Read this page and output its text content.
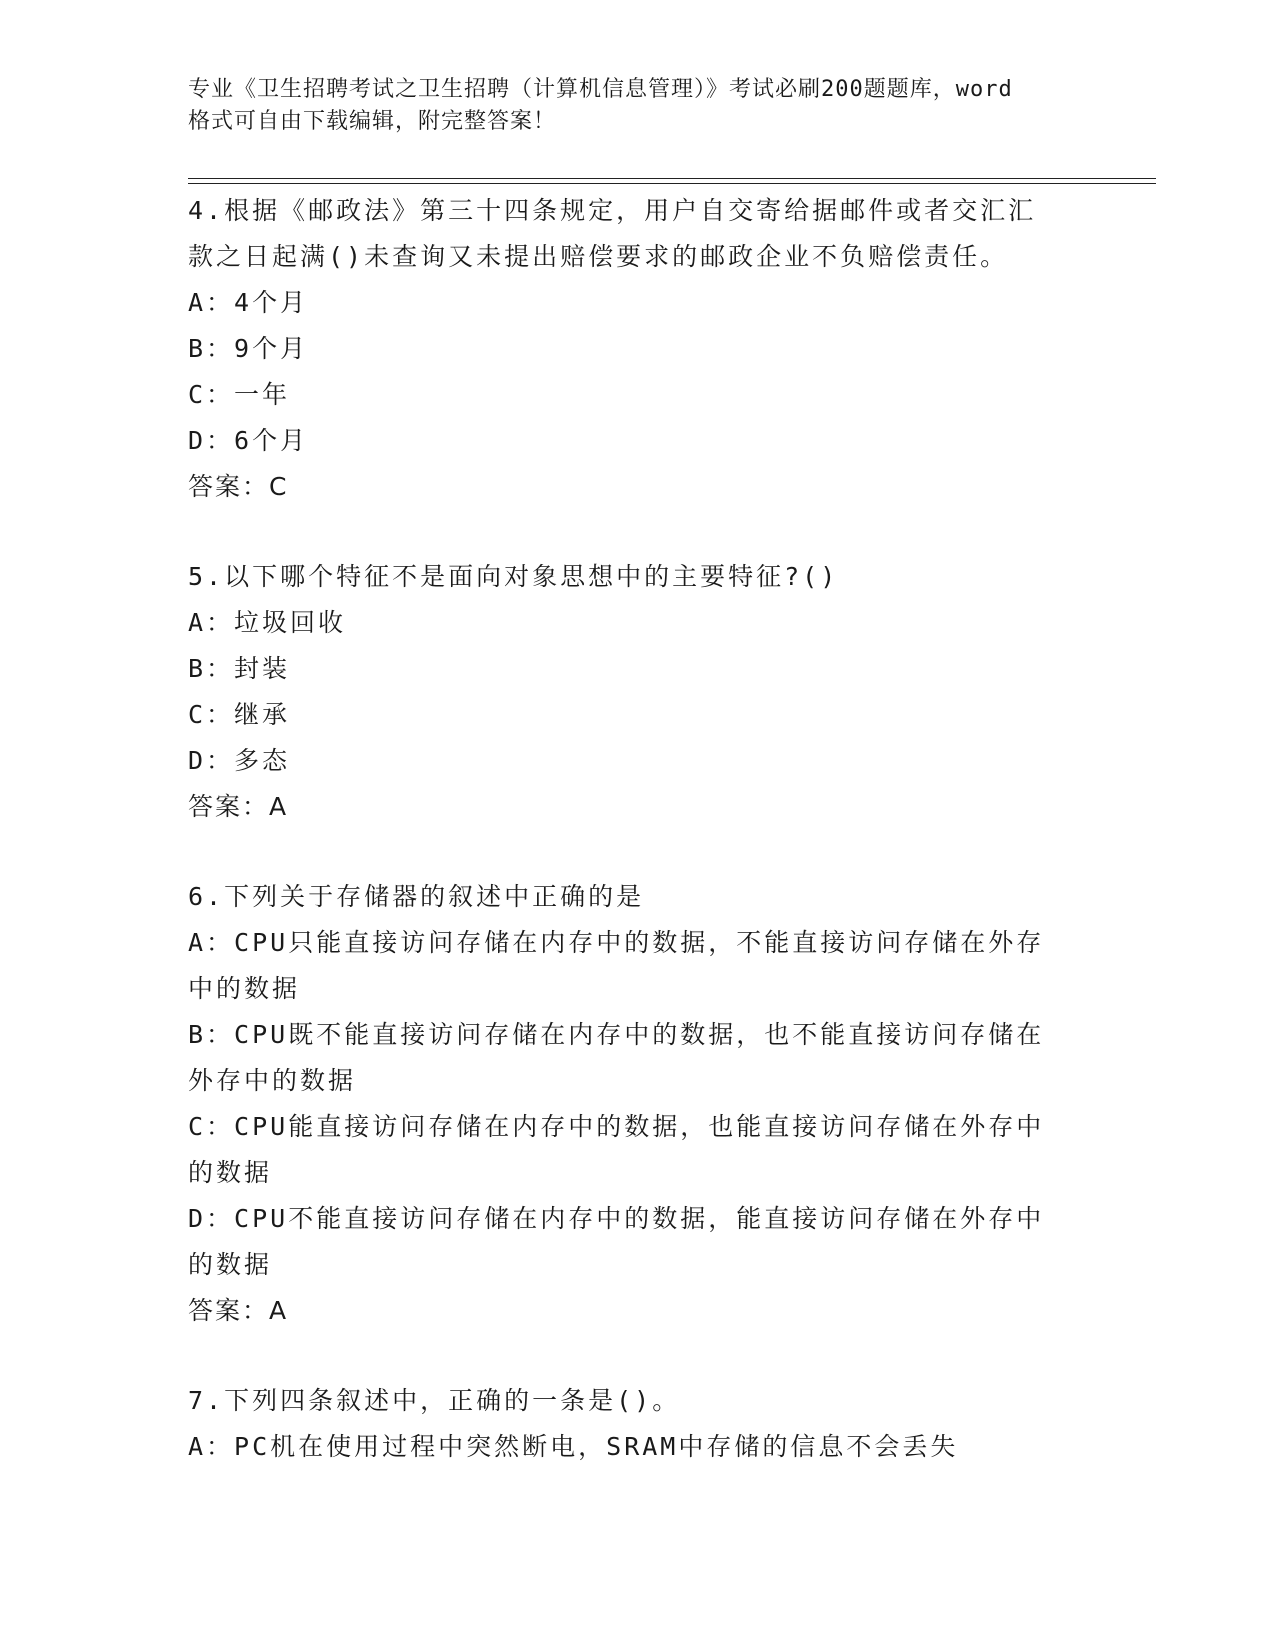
专业《卫生招聘考试之卫生招聘（计算机信息管理）》考试必刷200题题库，word
格式可自由下载编辑，附完整答案！
4.根据《邮政法》第三十四条规定，用户自交寄给据邮件或者交汇汇
款之日起满()未查询又未提出赔偿要求的邮政企业不负赔偿责任。
A：4个月
B：9个月
C：一年
D：6个月
答案：C
5.以下哪个特征不是面向对象思想中的主要特征?()
A：垃圾回收
B：封装
C：继承
D：多态
答案：A
6.下列关于存储器的叙述中正确的是
A：CPU只能直接访问存储在内存中的数据，不能直接访问存储在外存
中的数据
B：CPU既不能直接访问存储在内存中的数据，也不能直接访问存储在
外存中的数据
C：CPU能直接访问存储在内存中的数据，也能直接访问存储在外存中
的数据
D：CPU不能直接访问存储在内存中的数据，能直接访问存储在外存中
的数据
答案：A
7.下列四条叙述中，正确的一条是()。
A：PC机在使用过程中突然断电，SRAM中存储的信息不会丢失
